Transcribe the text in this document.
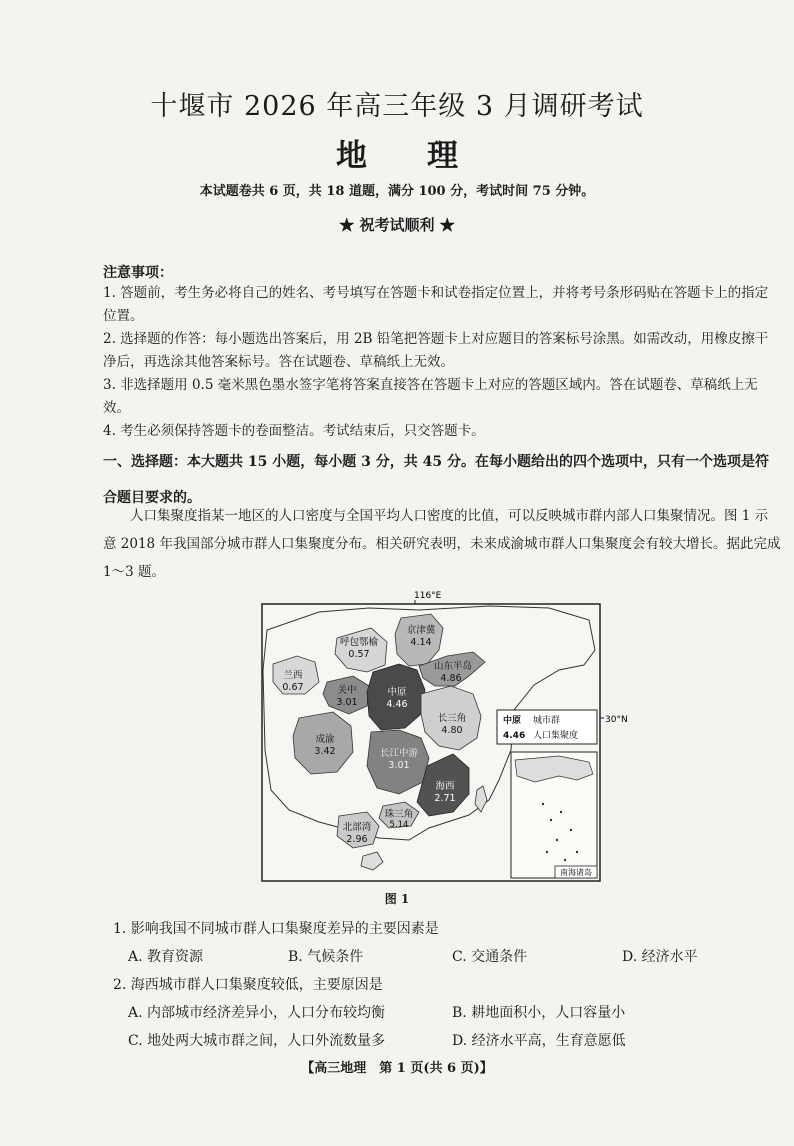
十堰市 2026 年高三年级 3 月调研考试
地理
本试题卷共 6 页，共 18 道题，满分 100 分，考试时间 75 分钟。
★ 祝考试顺利 ★
注意事项：
1. 答题前，考生务必将自己的姓名、考号填写在答题卡和试卷指定位置上，并将考号条形码贴在答题卡上的指定位置。
2. 选择题的作答：每小题选出答案后，用 2B 铅笔把答题卡上对应题目的答案标号涂黑。如需改动，用橡皮擦干净后，再选涂其他答案标号。答在试题卷、草稿纸上无效。
3. 非选择题用 0.5 毫米黑色墨水签字笔将答案直接答在答题卡上对应的答题区域内。答在试题卷、草稿纸上无效。
4. 考生必须保持答题卡的卷面整洁。考试结束后，只交答题卡。
一、选择题：本大题共 15 小题，每小题 3 分，共 45 分。在每小题给出的四个选项中，只有一个选项是符合题目要求的。
人口集聚度指某一地区的人口密度与全国平均人口密度的比值，可以反映城市群内部人口集聚情况。图 1 示意 2018 年我国部分城市群人口集聚度分布。相关研究表明，未来成渝城市群人口集聚度会有较大增长。据此完成 1～3 题。
116°E
呼包鄂榆
0.57
京津冀
4.14
山东半岛
4.86
兰西
0.67	关中
3.01
中原
4.46
长三角
4.80
成渝
3.42	长江中游
3.01
海西
2.71
珠三角
5.14
北部湾
2.96
中原 城市群
4.46 人口集聚度
30°N
南海诸岛
图 1
1. 影响我国不同城市群人口集聚度差异的主要因素是
A. 教育资源	B. 气候条件	C. 交通条件	D. 经济水平
2. 海西城市群人口集聚度较低，主要原因是
A. 内部城市经济差异小，人口分布较均衡	B. 耕地面积小，人口容量小
C. 地处两大城市群之间，人口外流数量多	D. 经济水平高，生育意愿低
【高三地理　第 1 页(共 6 页)】
